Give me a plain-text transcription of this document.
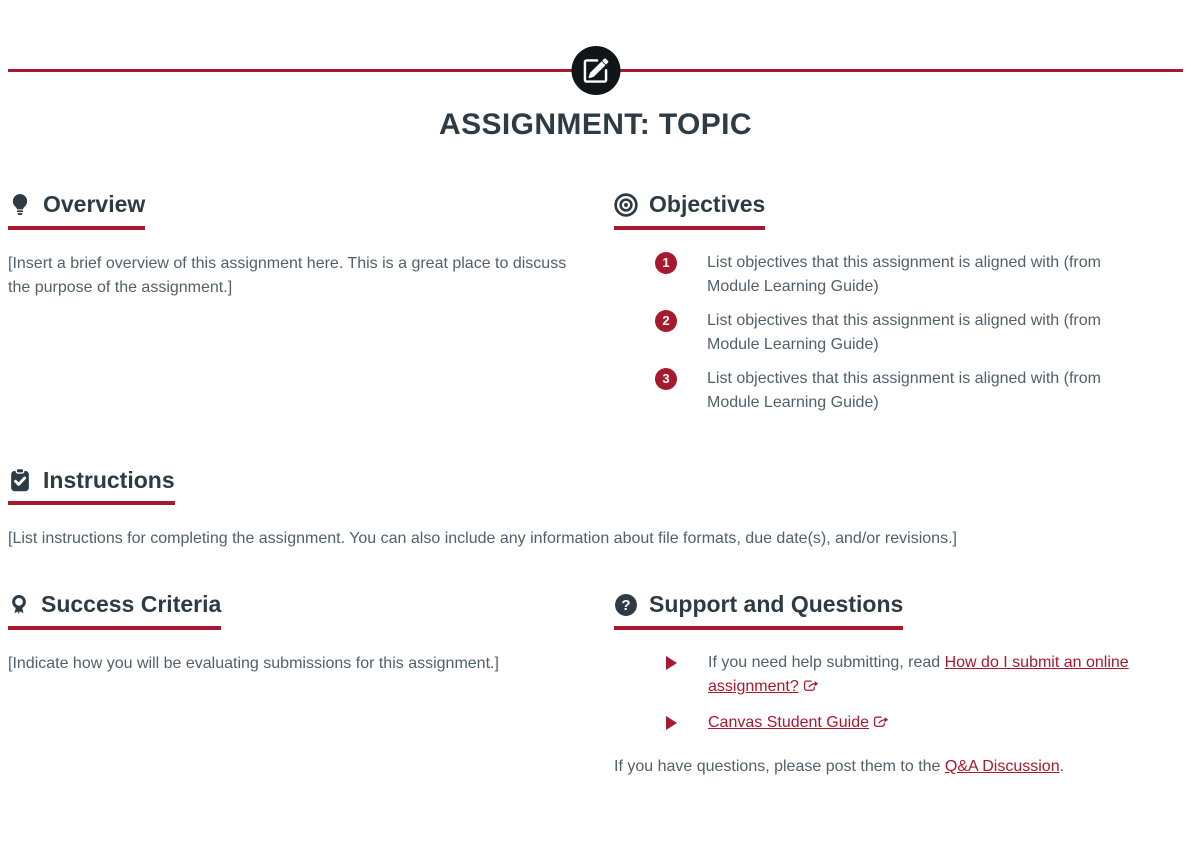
ASSIGNMENT: TOPIC
Overview

[Insert a brief overview of this assignment here. This is a great place to discuss the purpose of the assignment.]

Objectives
1	List objectives that this assignment is aligned with (from Module Learning Guide)
2	List objectives that this assignment is aligned with (from Module Learning Guide)
3	List objectives that this assignment is aligned with (from Module Learning Guide)
Instructions

[List instructions for completing the assignment. You can also include any information about file formats, due date(s), and/or revisions.]

Success Criteria

[Indicate how you will be evaluating submissions for this assignment.]

? Support and Questions
If you need help submitting, read How do I submit an online assignment?
Canvas Student Guide

If you have questions, please post them to the Q&A Discussion.
